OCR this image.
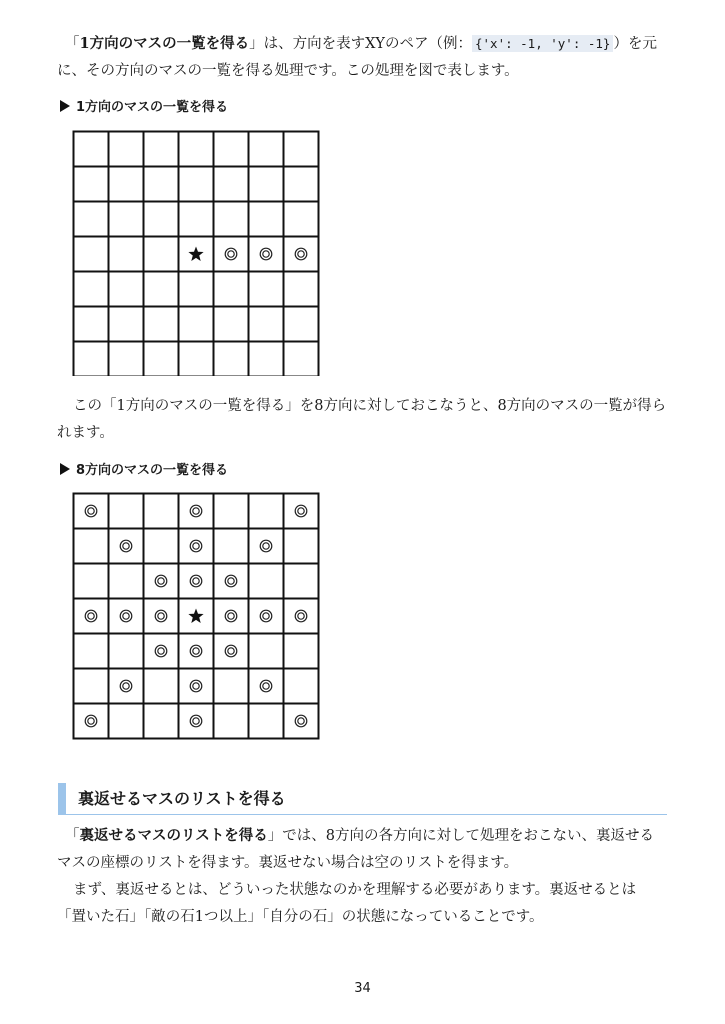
「1方向のマスの一覧を得る」は、方向を表すXYのペア（例： {'x': -1, 'y': -1} ）を元
に、その方向のマスの一覧を得る処理です。この処理を図で表します。
1方向のマスの一覧を得る
この「1方向のマスの一覧を得る」を8方向に対しておこなうと、8方向のマスの一覧が得ら
れます。
8方向のマスの一覧を得る
裏返せるマスのリストを得る
「裏返せるマスのリストを得る」では、8方向の各方向に対して処理をおこない、裏返せる
マスの座標のリストを得ます。裏返せない場合は空のリストを得ます。
まず、裏返せるとは、どういった状態なのかを理解する必要があります。裏返せるとは
「置いた石」「敵の石1つ以上」「自分の石」の状態になっていることです。
34
